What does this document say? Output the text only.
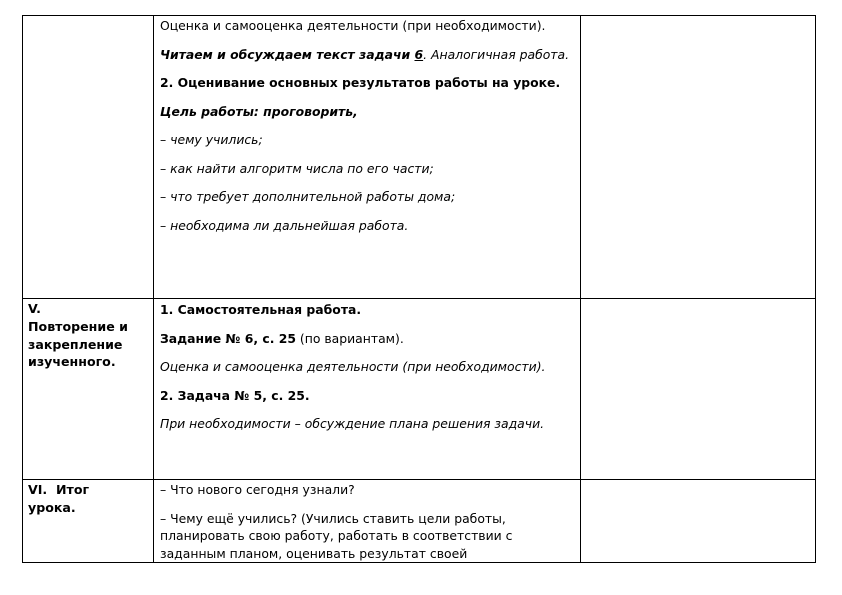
Оценка и самооценка деятельности (при необходимости).

Читаем и обсуждаем текст задачи 6. Аналогичная работа.

2. Оценивание основных результатов работы на уроке.

Цель работы: проговорить,

– чему учились;

– как найти алгоритм числа по его части;

– что требует дополнительной работы дома;

– необходима ли дальнейшая работа.

V.
Повторение и
закрепление
изученного.

1. Самостоятельная работа.

Задание № 6, с. 25 (по вариантам).

Оценка и самооценка деятельности (при необходимости).

2. Задача № 5, с. 25.

При необходимости – обсуждение плана решения задачи.

VI.  Итог
урока.

– Что нового сегодня узнали?

– Чему ещё учились? (Учились ставить цели работы, планировать свою работу, работать в соответствии с заданным планом, оценивать результат своей
